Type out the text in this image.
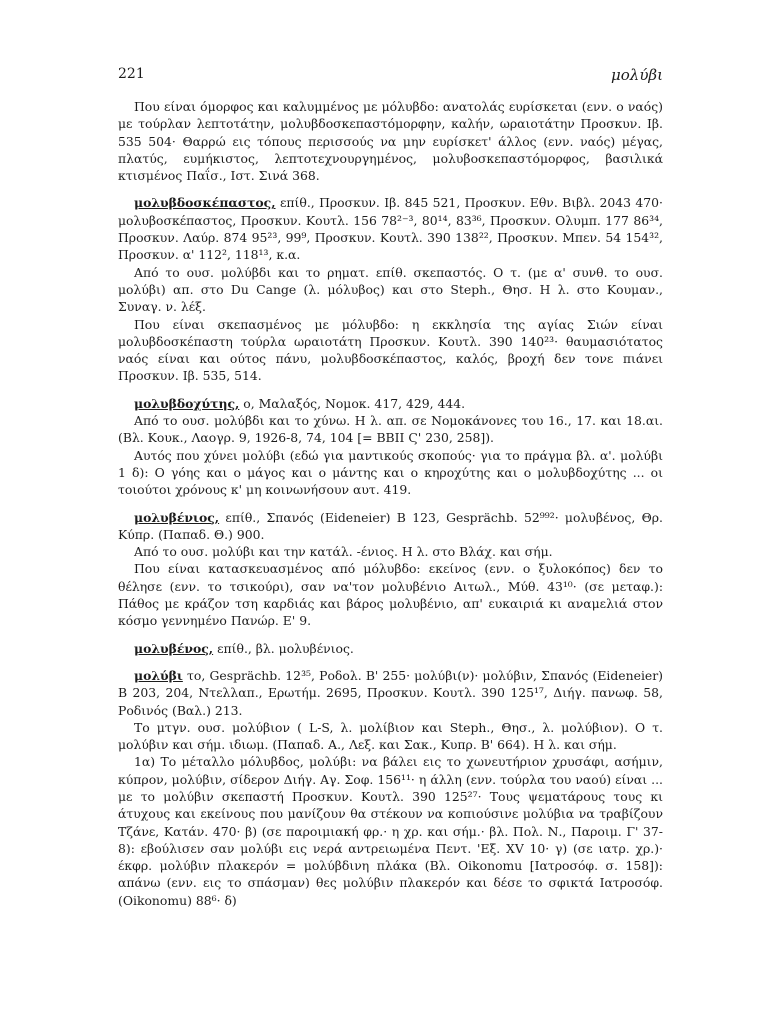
221	μολύβι

Που είναι όμορφος και καλυμμένος με μόλυβδο: ανατολάς ευρίσκεται (ενν. ο ναός) με τούρλαν λεπτοτάτην, μολυβδοσκεπαστόμορφην, καλήν, ωραιοτάτην Προσκυν. Ιβ. 535 504· Θαρρώ εις τόπους περισσούς να μην ευρίσκετ' άλλος (ενν. ναός) μέγας, πλατύς, ευμήκιστος, λεπτοτεχνουργημένος, μολυβοσκεπαστόμορφος, βασιλικά κτισμένος Παΐσ., Ιστ. Σινά 368.

μολυβδοσκέπαστος, επίθ., Προσκυν. Ιβ. 845 521, Προσκυν. Εθν. Βιβλ. 2043 470· μολυβοσκέπαστος, Προσκυν. Κουτλ. 156 78²⁻³, 80¹⁴, 83³⁶, Προσκυν. Ολυμπ. 177 86³⁴, Προσκυν. Λαύρ. 874 95²³, 99⁹, Προσκυν. Κουτλ. 390 138²², Προσκυν. Μπεν. 54 154³², Προσκυν. α' 112², 118¹³, κ.α.

Από το ουσ. μολύβδι και το ρηματ. επίθ. σκεπαστός. Ο τ. (με α' συνθ. το ουσ. μολύβι) απ. στο Du Cange (λ. μόλυβος) και στο Steph., Θησ. Η λ. στο Κουμαν., Συναγ. ν. λέξ.

Που είναι σκεπασμένος με μόλυβδο: η εκκλησία της αγίας Σιών είναι μολυβδοσκέπαστη τούρλα ωραιοτάτη Προσκυν. Κουτλ. 390 140²³· θαυμασιότατος ναός είναι και ούτος πάνυ, μολυβδοσκέπαστος, καλός, βροχή δεν τονε πιάνει Προσκυν. Ιβ. 535, 514.

μολυβδοχύτης, ο, Μαλαξός, Νομοκ. 417, 429, 444.

Από το ουσ. μολύβδι και το χύνω. Η λ. απ. σε Νομοκάνονες του 16., 17. και 18.αι. (Βλ. Κουκ., Λαογρ. 9, 1926-8, 74, 104 [= ΒΒΙΙ Ϛ' 230, 258]).

Αυτός που χύνει μολύβι (εδώ για μαντικούς σκοπούς· για το πράγμα βλ. α'. μολύβι 1 δ): Ο γόης και ο μάγος και ο μάντης και ο κηροχύτης και ο μολυβδοχύτης ... οι τοιούτοι χρόνους κ' μη κοινωνήσουν αυτ. 419.

μολυβένιος, επίθ., Σπανός (Eideneier) Β 123, Gesprächb. 52⁹⁹²· μολυβένος, Θρ. Κύπρ. (Παπαδ. Θ.) 900.

Από το ουσ. μολύβι και την κατάλ. -ένιος. Η λ. στο Βλάχ. και σήμ.

Που είναι κατασκευασμένος από μόλυβδο: εκείνος (ενν. ο ξυλοκόπος) δεν το θέλησε (ενν. το τσικούρι), σαν να'τον μολυβένιο Αιτωλ., Μύθ. 43¹⁰· (σε μεταφ.): Πάθος με κράζον τση καρδιάς και βάρος μολυβένιο, απ' ευκαιριά κι αναμελιά στον κόσμο γεννημένο Πανώρ. Ε' 9.

μολυβένος, επίθ., βλ. μολυβένιος.

μολύβι το, Gesprächb. 12³⁵, Ροδολ. Β' 255· μολύβι(ν)· μολύβιν, Σπανός (Eideneier) Β 203, 204, Ντελλαπ., Ερωτήμ. 2695, Προσκυν. Κουτλ. 390 125¹⁷, Διήγ. πανωφ. 58, Ροδινός (Βαλ.) 213.

Το μτγν. ουσ. μολύβιον ( L-S, λ. μολίβιον και Steph., Θησ., λ. μολύβιον). Ο τ. μολύβιν και σήμ. ιδιωμ. (Παπαδ. Α., Λεξ. και Σακ., Κυπρ. Β' 664). Η λ. και σήμ.

1α) Το μέταλλο μόλυβδος, μολύβι: να βάλει εις το χωνευτήριον χρυσάφι, ασήμιν, κύπρον, μολύβιν, σίδερον Διήγ. Αγ. Σοφ. 156¹¹· η άλλη (ενν. τούρλα του ναού) είναι ... με το μολύβιν σκεπαστή Προσκυν. Κουτλ. 390 125²⁷· Τους ψεματάρους τους κι άτυχους και εκείνους που μανίζουν θα στέκουν να κοπιούσινε μολύβια να τραβίζουν Τζάνε, Κατάν. 470· β) (σε παροιμιακή φρ.· η χρ. και σήμ.· βλ. Πολ. Ν., Παροιμ. Γ' 37-8): εβούλισεν σαν μολύβι εις νερά αντρειωμένα Πεντ. 'Εξ. XV 10· γ) (σε ιατρ. χρ.)· έκφρ. μολύβιν πλακερόν = μολύβδινη πλάκα (Βλ. Oikonomu [Ιατροσόφ. σ. 158]): απάνω (ενν. εις το σπάσμαν) θες μολύβιν πλακερόν και δέσε το σφικτά Ιατροσόφ. (Oikonomu) 88⁶· δ)
